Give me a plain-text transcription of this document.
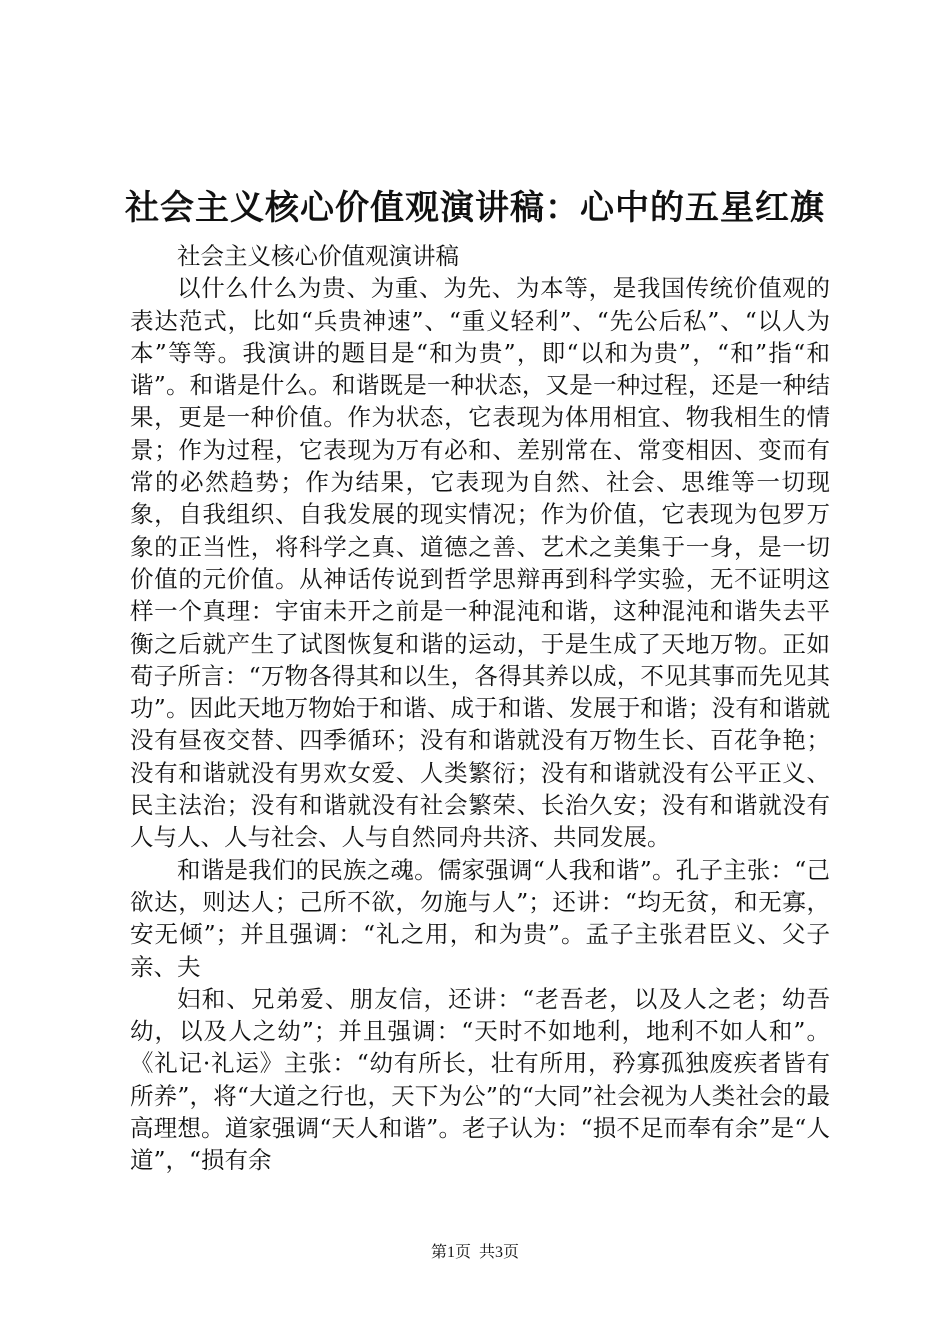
社会主义核心价值观演讲稿：心中的五星红旗

社会主义核心价值观演讲稿

以什么什么为贵、为重、为先、为本等，是我国传统价值观的表达范式，比如“兵贵神速”、“重义轻利”、“先公后私”、“以人为本”等等。我演讲的题目是“和为贵”，即“以和为贵”，“和”指“和谐”。和谐是什么。和谐既是一种状态，又是一种过程，还是一种结果，更是一种价值。作为状态，它表现为体用相宜、物我相生的情景；作为过程，它表现为万有必和、差别常在、常变相因、变而有常的必然趋势；作为结果，它表现为自然、社会、思维等一切现象，自我组织、自我发展的现实情况；作为价值，它表现为包罗万象的正当性，将科学之真、道德之善、艺术之美集于一身，是一切价值的元价值。从神话传说到哲学思辩再到科学实验，无不证明这样一个真理：宇宙未开之前是一种混沌和谐，这种混沌和谐失去平衡之后就产生了试图恢复和谐的运动，于是生成了天地万物。正如荀子所言：“万物各得其和以生，各得其养以成，不见其事而先见其功”。因此天地万物始于和谐、成于和谐、发展于和谐；没有和谐就没有昼夜交替、四季循环；没有和谐就没有万物生长、百花争艳；没有和谐就没有男欢女爱、人类繁衍；没有和谐就没有公平正义、民主法治；没有和谐就没有社会繁荣、长治久安；没有和谐就没有人与人、人与社会、人与自然同舟共济、共同发展。

和谐是我们的民族之魂。儒家强调“人我和谐”。孔子主张：“己欲达，则达人；己所不欲，勿施与人”；还讲：“均无贫，和无寡，安无倾”；并且强调：“礼之用，和为贵”。孟子主张君臣义、父子亲、夫

妇和、兄弟爱、朋友信，还讲：“老吾老，以及人之老；幼吾幼，以及人之幼”；并且强调：“天时不如地利，地利不如人和”。《礼记·礼运》主张：“幼有所长，壮有所用，矜寡孤独废疾者皆有所养”，将“大道之行也，天下为公”的“大同”社会视为人类社会的最高理想。道家强调“天人和谐”。老子认为：“损不足而奉有余”是“人道”，“损有余

第1页  共3页
